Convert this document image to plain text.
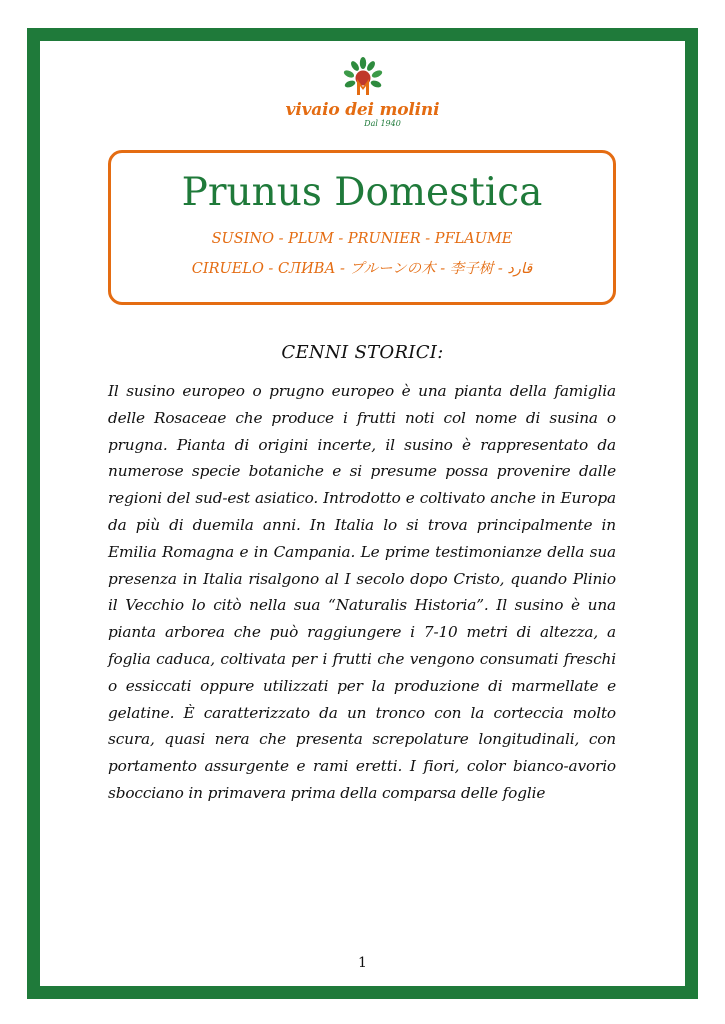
vivaio dei molini
Dal 1940
Prunus Domestica
SUSINO - PLUM - PRUNIER - PFLAUME
CIRUELO - СЛИВА - プルーンの木 - 李子树 - قارد
CENNI STORICI:
Il susino europeo o prugno europeo è una pianta della famiglia delle Rosaceae che produce i frutti noti col nome di susina o prugna. Pianta di origini incerte, il susino è rappresentato da numerose specie botaniche e si presume possa provenire dalle regioni del sud-est asiatico. Introdotto e coltivato anche in Europa da più di duemila anni. In Italia lo si trova principalmente in Emilia Romagna e in Campania. Le prime testimonianze della sua presenza in Italia risalgono al I secolo dopo Cristo, quando Plinio il Vecchio lo citò nella sua “Naturalis Historia”. Il susino è una pianta arborea che può raggiungere i 7-10 metri di altezza, a foglia caduca, coltivata per i frutti che vengono consumati freschi o essiccati oppure utilizzati per la produzione di marmellate e gelatine. È caratterizzato da un tronco con la corteccia molto scura, quasi nera che presenta screpolature longitudinali, con portamento assurgente e rami eretti. I fiori, color bianco-avorio sbocciano in primavera prima della comparsa delle foglie
1
